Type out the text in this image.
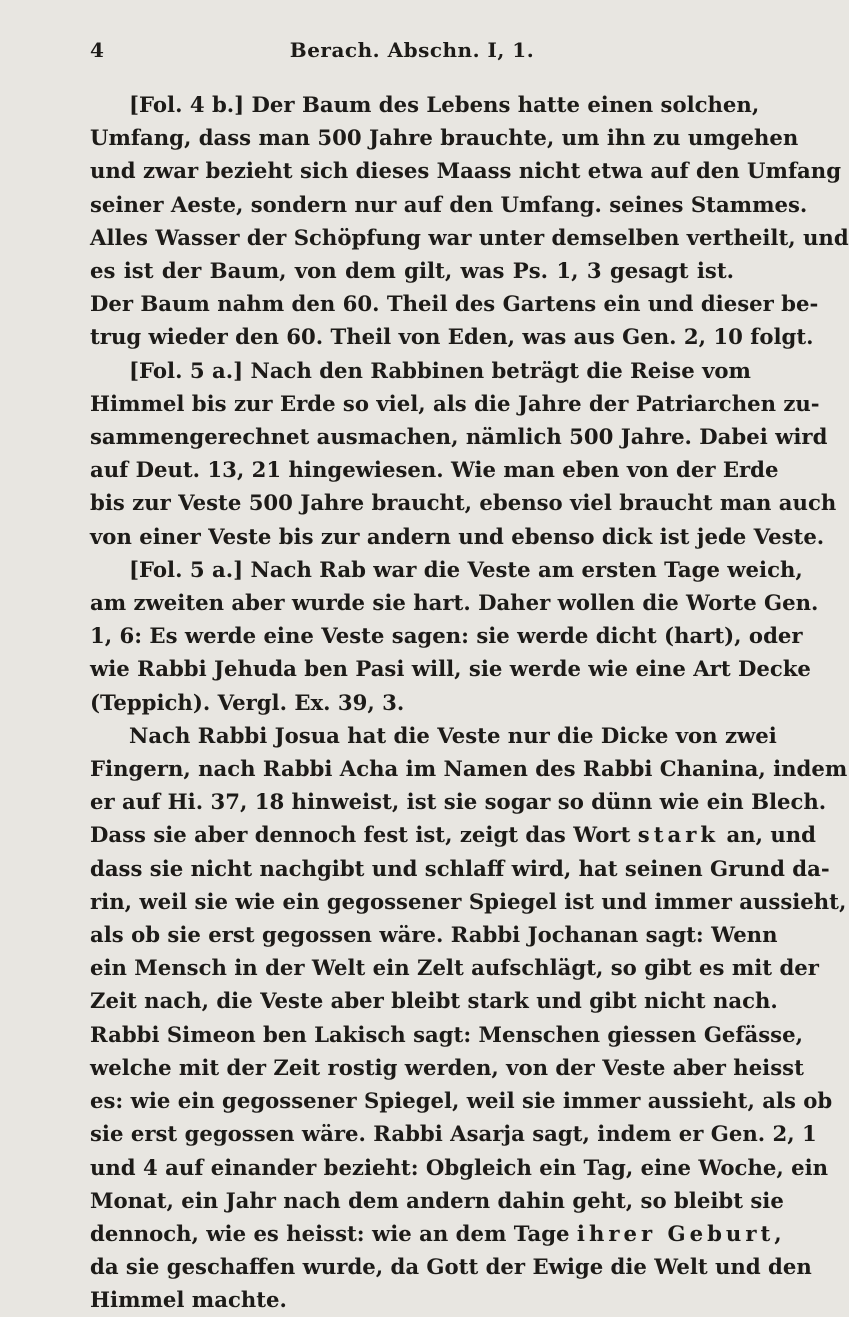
4	Berach. Abschn. I, 1.
[Fol. 4 b.] Der Baum des Lebens hatte einen solchen,
Umfang, dass man 500 Jahre brauchte, um ihn zu umgehen
und zwar bezieht sich dieses Maass nicht etwa auf den Umfang
seiner Aeste, sondern nur auf den Umfang. seines Stammes.
Alles Wasser der Schöpfung war unter demselben vertheilt, und
es ist der Baum, von dem gilt, was Ps. 1, 3 gesagt ist.
Der Baum nahm den 60. Theil des Gartens ein und dieser be-
trug wieder den 60. Theil von Eden, was aus Gen. 2, 10 folgt.
[Fol. 5 a.] Nach den Rabbinen beträgt die Reise vom
Himmel bis zur Erde so viel, als die Jahre der Patriarchen zu-
sammengerechnet ausmachen, nämlich 500 Jahre. Dabei wird
auf Deut. 13, 21 hingewiesen. Wie man eben von der Erde
bis zur Veste 500 Jahre braucht, ebenso viel braucht man auch
von einer Veste bis zur andern und ebenso dick ist jede Veste.
[Fol. 5 a.] Nach Rab war die Veste am ersten Tage weich,
am zweiten aber wurde sie hart. Daher wollen die Worte Gen.
1, 6: Es werde eine Veste sagen: sie werde dicht (hart), oder
wie Rabbi Jehuda ben Pasi will, sie werde wie eine Art Decke
(Teppich). Vergl. Ex. 39, 3.
Nach Rabbi Josua hat die Veste nur die Dicke von zwei
Fingern, nach Rabbi Acha im Namen des Rabbi Chanina, indem
er auf Hi. 37, 18 hinweist, ist sie sogar so dünn wie ein Blech.
Dass sie aber dennoch fest ist, zeigt das Wort stark an, und
dass sie nicht nachgibt und schlaff wird, hat seinen Grund da-
rin, weil sie wie ein gegossener Spiegel ist und immer aussieht,
als ob sie erst gegossen wäre. Rabbi Jochanan sagt: Wenn
ein Mensch in der Welt ein Zelt aufschlägt, so gibt es mit der
Zeit nach, die Veste aber bleibt stark und gibt nicht nach.
Rabbi Simeon ben Lakisch sagt: Menschen giessen Gefässe,
welche mit der Zeit rostig werden, von der Veste aber heisst
es: wie ein gegossener Spiegel, weil sie immer aussieht, als ob
sie erst gegossen wäre. Rabbi Asarja sagt, indem er Gen. 2, 1
und 4 auf einander bezieht: Obgleich ein Tag, eine Woche, ein
Monat, ein Jahr nach dem andern dahin geht, so bleibt sie
dennoch, wie es heisst: wie an dem Tage ihrer Geburt,
da sie geschaffen wurde, da Gott der Ewige die Welt und den
Himmel machte.
